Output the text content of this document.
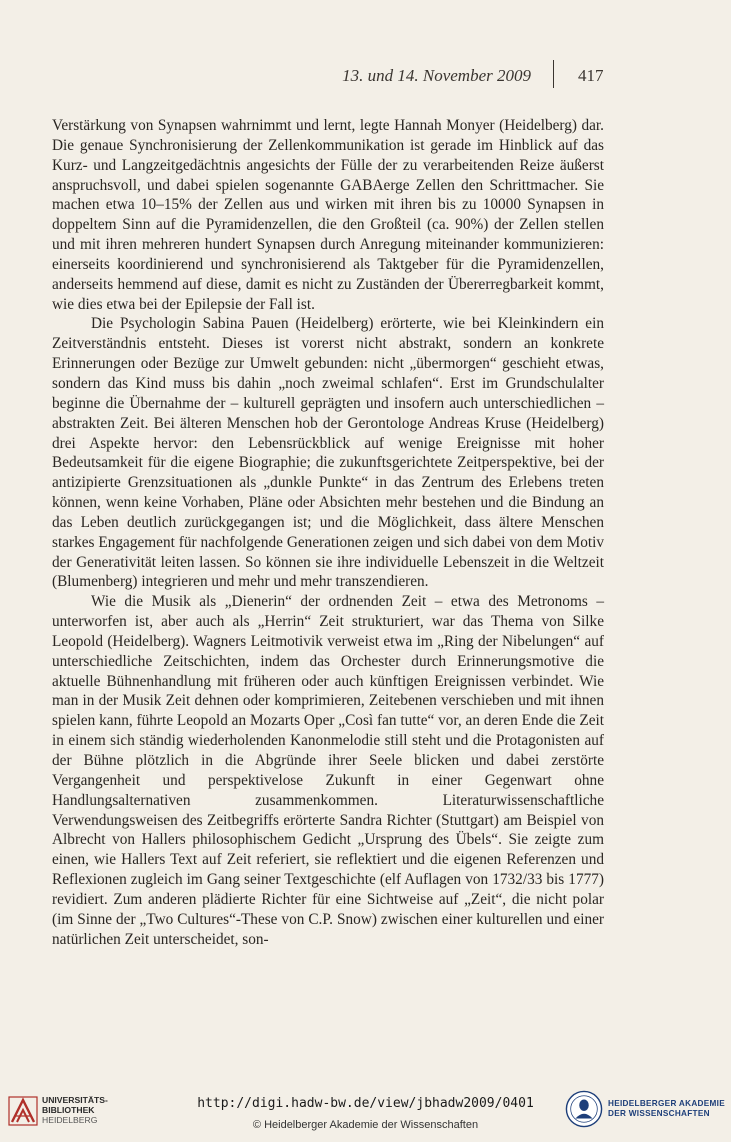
13. und 14. November 2009	417

Verstärkung von Synapsen wahrnimmt und lernt, legte Hannah Monyer (Heidelberg) dar. Die genaue Synchronisierung der Zellenkommunikation ist gerade im Hinblick auf das Kurz- und Langzeitgedächtnis angesichts der Fülle der zu verarbeitenden Reize äußerst anspruchsvoll, und dabei spielen sogenannte GABAerge Zellen den Schrittmacher. Sie machen etwa 10–15% der Zellen aus und wirken mit ihren bis zu 10000 Synapsen in doppeltem Sinn auf die Pyramidenzellen, die den Großteil (ca. 90%) der Zellen stellen und mit ihren mehreren hundert Synapsen durch Anregung miteinander kommunizieren: einerseits koordinierend und synchronisierend als Taktgeber für die Pyramidenzellen, anderseits hemmend auf diese, damit es nicht zu Zuständen der Übererregbarkeit kommt, wie dies etwa bei der Epilepsie der Fall ist.

Die Psychologin Sabina Pauen (Heidelberg) erörterte, wie bei Kleinkindern ein Zeitverständnis entsteht. Dieses ist vorerst nicht abstrakt, sondern an konkrete Erinnerungen oder Bezüge zur Umwelt gebunden: nicht „übermorgen“ geschieht etwas, sondern das Kind muss bis dahin „noch zweimal schlafen“. Erst im Grundschulalter beginne die Übernahme der – kulturell geprägten und insofern auch unterschiedlichen – abstrakten Zeit. Bei älteren Menschen hob der Gerontologe Andreas Kruse (Heidelberg) drei Aspekte hervor: den Lebensrückblick auf wenige Ereignisse mit hoher Bedeutsamkeit für die eigene Biographie; die zukunftsgerichtete Zeitperspektive, bei der antizipierte Grenzsituationen als „dunkle Punkte“ in das Zentrum des Erlebens treten können, wenn keine Vorhaben, Pläne oder Absichten mehr bestehen und die Bindung an das Leben deutlich zurückgegangen ist; und die Möglichkeit, dass ältere Menschen starkes Engagement für nachfolgende Generationen zeigen und sich dabei von dem Motiv der Generativität leiten lassen. So können sie ihre individuelle Lebenszeit in die Weltzeit (Blumenberg) integrieren und mehr und mehr transzendieren.

Wie die Musik als „Dienerin“ der ordnenden Zeit – etwa des Metronoms – unterworfen ist, aber auch als „Herrin“ Zeit strukturiert, war das Thema von Silke Leopold (Heidelberg). Wagners Leitmotivik verweist etwa im „Ring der Nibelungen“ auf unterschiedliche Zeitschichten, indem das Orchester durch Erinnerungsmotive die aktuelle Bühnenhandlung mit früheren oder auch künftigen Ereignissen verbindet. Wie man in der Musik Zeit dehnen oder komprimieren, Zeitebenen verschieben und mit ihnen spielen kann, führte Leopold an Mozarts Oper „Così fan tutte“ vor, an deren Ende die Zeit in einem sich ständig wiederholenden Kanonmelodie still steht und die Protagonisten auf der Bühne plötzlich in die Abgründe ihrer Seele blicken und dabei zerstörte Vergangenheit und perspektivelose Zukunft in einer Gegenwart ohne Handlungsalternativen zusammenkommen. Literaturwissenschaftliche Verwendungsweisen des Zeitbegriffs erörterte Sandra Richter (Stuttgart) am Beispiel von Albrecht von Hallers philosophischem Gedicht „Ursprung des Übels“. Sie zeigte zum einen, wie Hallers Text auf Zeit referiert, sie reflektiert und die eigenen Referenzen und Reflexionen zugleich im Gang seiner Textgeschichte (elf Auflagen von 1732/33 bis 1777) revidiert. Zum anderen plädierte Richter für eine Sichtweise auf „Zeit“, die nicht polar (im Sinne der „Two Cultures“-These von C.P. Snow) zwischen einer kulturellen und einer natürlichen Zeit unterscheidet, son-

UNIVERSITÄTS-
BIBLIOTHEK
HEIDELBERG
http://digi.hadw-bw.de/view/jbhadw2009/0401
© Heidelberger Akademie der Wissenschaften
HEIDELBERGER AKADEMIE
DER WISSENSCHAFTEN
